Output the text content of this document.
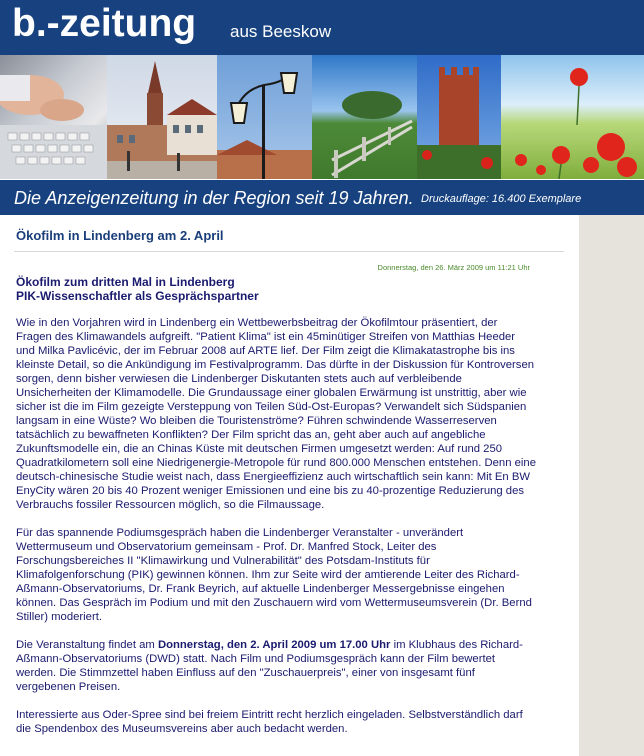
b.-zeitung aus Beeskow
Die Anzeigenzeitung in der Region seit 19 Jahren. Druckauflage: 16.400 Exemplare
Ökofilm in Lindenberg am 2. April
Donnerstag, den 26. März 2009 um 11:21 Uhr
Ökofilm zum dritten Mal in Lindenberg
PIK-Wissenschaftler als Gesprächspartner

Wie in den Vorjahren wird in Lindenberg ein Wettbewerbsbeitrag der Ökofilmtour präsentiert, der Fragen des Klimawandels aufgreift. "Patient Klima" ist ein 45minütiger Streifen von Matthias Heeder und Milka Pavlicévic, der im Februar 2008 auf ARTE lief. Der Film zeigt die Klimakatastrophe bis ins kleinste Detail, so die Ankündigung im Festivalprogramm. Das dürfte in der Diskussion für Kontroversen sorgen, denn bisher verwiesen die Lindenberger Diskutanten stets auch auf verbleibende Unsicherheiten der Klimamodelle. Die Grundaussage einer globalen Erwärmung ist unstrittig, aber wie sicher ist die im Film gezeigte Versteppung von Teilen Süd-Ost-Europas? Verwandelt sich Südspanien langsam in eine Wüste? Wo bleiben die Touristenströme? Führen schwindende Wasserreserven tatsächlich zu bewaffneten Konflikten? Der Film spricht das an, geht aber auch auf angebliche Zukunftsmodelle ein, die an Chinas Küste mit deutschen Firmen umgesetzt werden: Auf rund 250 Quadratkilometern soll eine Niedrigenergie-Metropole für rund 800.000 Menschen entstehen. Denn eine deutsch-chinesische Studie weist nach, dass Energieeffizienz auch wirtschaftlich sein kann: Mit En BW EnyCity wären 20 bis 40 Prozent weniger Emissionen und eine bis zu 40-prozentige Reduzierung des Verbrauchs fossiler Ressourcen möglich, so die Filmaussage.

Für das spannende Podiumsgespräch haben die Lindenberger Veranstalter - unverändert Wettermuseum und Observatorium gemeinsam - Prof. Dr. Manfred Stock, Leiter des Forschungsbereiches II "Klimawirkung und Vulnerabilität" des Potsdam-Instituts für Klimafolgenforschung (PIK) gewinnen können. Ihm zur Seite wird der amtierende Leiter des Richard-Aßmann-Observatoriums, Dr. Frank Beyrich, auf aktuelle Lindenberger Messergebnisse eingehen können. Das Gespräch im Podium und mit den Zuschauern wird vom Wettermuseumsverein (Dr. Bernd Stiller) moderiert.

Die Veranstaltung findet am Donnerstag, den 2. April 2009 um 17.00 Uhr im Klubhaus des Richard-Aßmann-Observatoriums (DWD) statt. Nach Film und Podiumsgespräch kann der Film bewertet werden. Die Stimmzettel haben Einfluss auf den "Zuschauerpreis", einer von insgesamt fünf vergebenen Preisen.

Interessierte aus Oder-Spree sind bei freiem Eintritt recht herzlich eingeladen. Selbstverständlich darf die Spendenbox des Museumsvereins aber auch bedacht werden.
